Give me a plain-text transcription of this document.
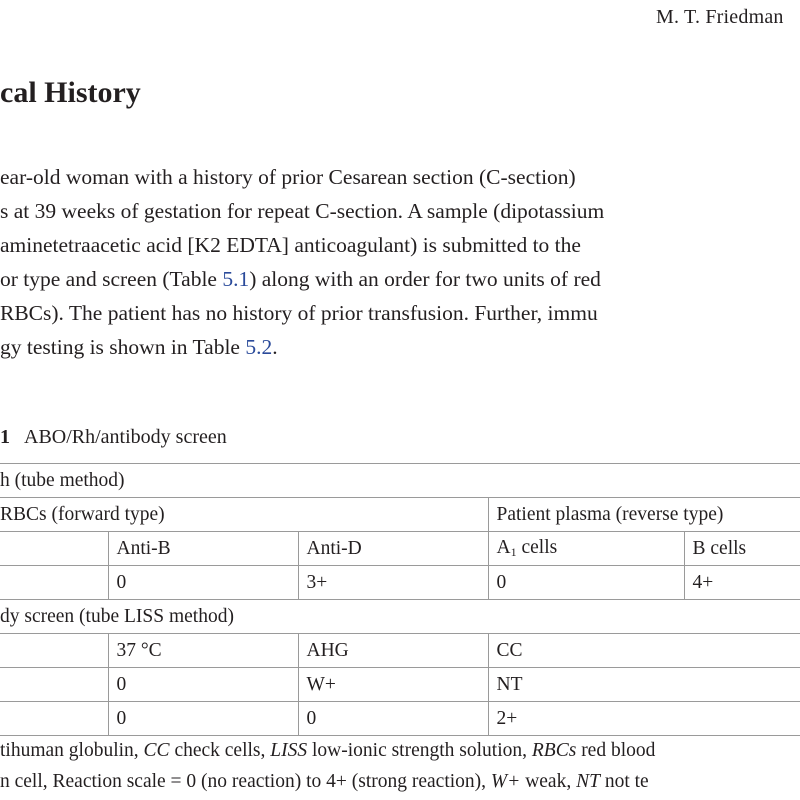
M. T. Friedman
cal History
ear-old woman with a history of prior Cesarean section (C-section)
s at 39 weeks of gestation for repeat C-section. A sample (dipotassium
aminetetraacetic acid [K2 EDTA] anticoagulant) is submitted to the
or type and screen (Table 5.1) along with an order for two units of red
RBCs). The patient has no history of prior transfusion. Further, immu
gy testing is shown in Table 5.2.
1 ABO/Rh/antibody screen
h (tube method)				
RBCs (forward type)			Patient plasma (reverse type)	
	Anti-B	Anti-D	$A_1$ cells	B cells
	0	3+	0	4+
dy screen (tube LISS method)				
	37 °C	AHG	CC	
	0	W+	NT	
	0	0	2+	
tihuman globulin, CC check cells, LISS low-ionic strength solution, RBCs red blood
n cell, Reaction scale = 0 (no reaction) to 4+ (strong reaction), W+ weak, NT not te
